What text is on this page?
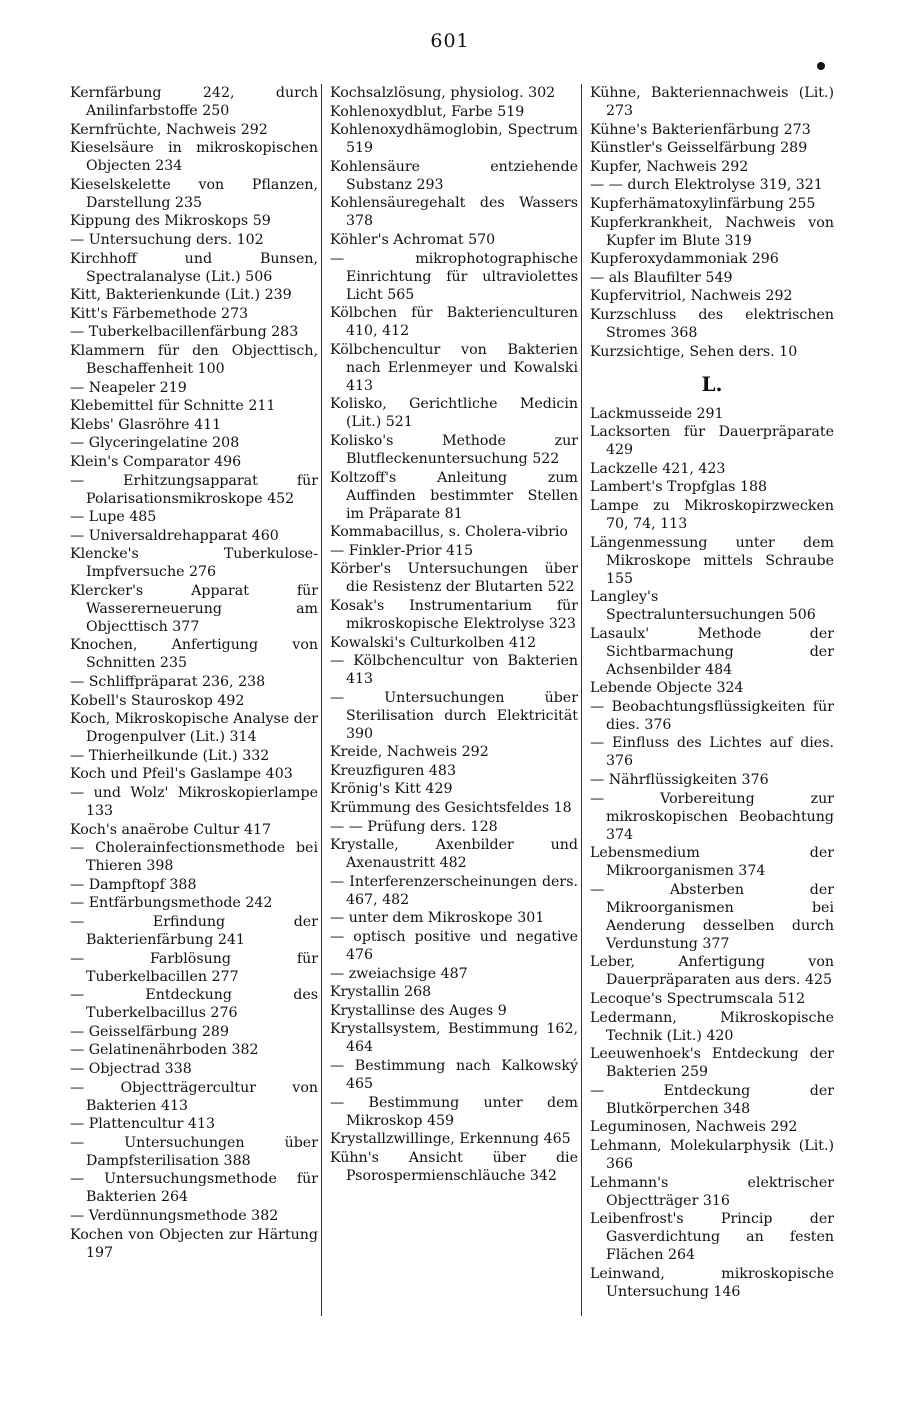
601
Kernfärbung 242, durch Anilinfarbstoffe 250
Kernfrüchte, Nachweis 292
Kieselsäure in mikroskopischen Objecten 234
Kieselskelette von Pflanzen, Darstellung 235
Kippung des Mikroskops 59
— Untersuchung ders. 102
Kirchhoff und Bunsen, Spectralanalyse (Lit.) 506
Kitt, Bakterienkunde (Lit.) 239
Kitt's Färbemethode 273
— Tuberkelbacillenfärbung 283
Klammern für den Objecttisch, Beschaffenheit 100
— Neapeler 219
Klebemittel für Schnitte 211
Klebs' Glasröhre 411
— Glyceringelatine 208
Klein's Comparator 496
— Erhitzungsapparat für Polarisationsmikroskope 452
— Lupe 485
— Universaldrehapparat 460
Klencke's Tuberkulose-Impfversuche 276
Klercker's Apparat für Wassererneuerung am Objecttisch 377
Knochen, Anfertigung von Schnitten 235
— Schliffpräparat 236, 238
Kobell's Stauroskop 492
Koch, Mikroskopische Analyse der Drogenpulver (Lit.) 314
— Thierheilkunde (Lit.) 332
Koch und Pfeil's Gaslampe 403
— und Wolz' Mikroskopierlampe 133
Koch's anaërobe Cultur 417
— Cholerainfectionsmethode bei Thieren 398
— Dampftopf 388
— Entfärbungsmethode 242
— Erfindung der Bakterienfärbung 241
— Farblösung für Tuberkelbacillen 277
— Entdeckung des Tuberkelbacillus 276
— Geisselfärbung 289
— Gelatinenährboden 382
— Objectrad 338
— Objectträgercultur von Bakterien 413
— Plattencultur 413
— Untersuchungen über Dampfsterilisation 388
— Untersuchungsmethode für Bakterien 264
— Verdünnungsmethode 382
Kochen von Objecten zur Härtung 197
Kochsalzlösung, physiolog. 302
Kohlenoxydblut, Farbe 519
Kohlenoxydhämoglobin, Spectrum 519
Kohlensäure entziehende Substanz 293
Kohlensäuregehalt des Wassers 378
Köhler's Achromat 570
— mikrophotographische Einrichtung für ultraviolettes Licht 565
Kölbchen für Bakterienculturen 410, 412
Kölbchencultur von Bakterien nach Erlenmeyer und Kowalski 413
Kolisko, Gerichtliche Medicin (Lit.) 521
Kolisko's Methode zur Blutfleckenuntersuchung 522
Koltzoff's Anleitung zum Auffinden bestimmter Stellen im Präparate 81
Kommabacillus, s. Cholera-vibrio
— Finkler-Prior 415
Körber's Untersuchungen über die Resistenz der Blutarten 522
Kosak's Instrumentarium für mikroskopische Elektrolyse 323
Kowalski's Culturkolben 412
— Kölbchencultur von Bakterien 413
— Untersuchungen über Sterilisation durch Elektricität 390
Kreide, Nachweis 292
Kreuzfiguren 483
Krönig's Kitt 429
Krümmung des Gesichtsfeldes 18
— — Prüfung ders. 128
Krystalle, Axenbilder und Axenaustritt 482
— Interferenzerscheinungen ders. 467, 482
— unter dem Mikroskope 301
— optisch positive und negative 476
— zweiachsige 487
Krystallin 268
Krystallinse des Auges 9
Krystallsystem, Bestimmung 162, 464
— Bestimmung nach Kalkowský 465
— Bestimmung unter dem Mikroskop 459
Krystallzwillinge, Erkennung 465
Kühn's Ansicht über die Psorospermienschläuche 342
Kühne, Bakteriennachweis (Lit.) 273
Kühne's Bakterienfärbung 273
Künstler's Geisselfärbung 289
Kupfer, Nachweis 292
— — durch Elektrolyse 319, 321
Kupferhämatoxylinfärbung 255
Kupferkrankheit, Nachweis von Kupfer im Blute 319
Kupferoxydammoniak 296
— als Blaufilter 549
Kupfervitriol, Nachweis 292
Kurzschluss des elektrischen Stromes 368
Kurzsichtige, Sehen ders. 10
L.
Lackmusseide 291
Lacksorten für Dauerpräparate 429
Lackzelle 421, 423
Lambert's Tropfglas 188
Lampe zu Mikroskopirzwecken 70, 74, 113
Längenmessung unter dem Mikroskope mittels Schraube 155
Langley's Spectraluntersuchungen 506
Lasaulx' Methode der Sichtbarmachung der Achsenbilder 484
Lebende Objecte 324
— Beobachtungsflüssigkeiten für dies. 376
— Einfluss des Lichtes auf dies. 376
— Nährflüssigkeiten 376
— Vorbereitung zur mikroskopischen Beobachtung 374
Lebensmedium der Mikroorganismen 374
— Absterben der Mikroorganismen bei Aenderung desselben durch Verdunstung 377
Leber, Anfertigung von Dauerpräparaten aus ders. 425
Lecoque's Spectrumscala 512
Ledermann, Mikroskopische Technik (Lit.) 420
Leeuwenhoek's Entdeckung der Bakterien 259
— Entdeckung der Blutkörperchen 348
Leguminosen, Nachweis 292
Lehmann, Molekularphysik (Lit.) 366
Lehmann's elektrischer Objectträger 316
Leibenfrost's Princip der Gasverdichtung an festen Flächen 264
Leinwand, mikroskopische Untersuchung 146
